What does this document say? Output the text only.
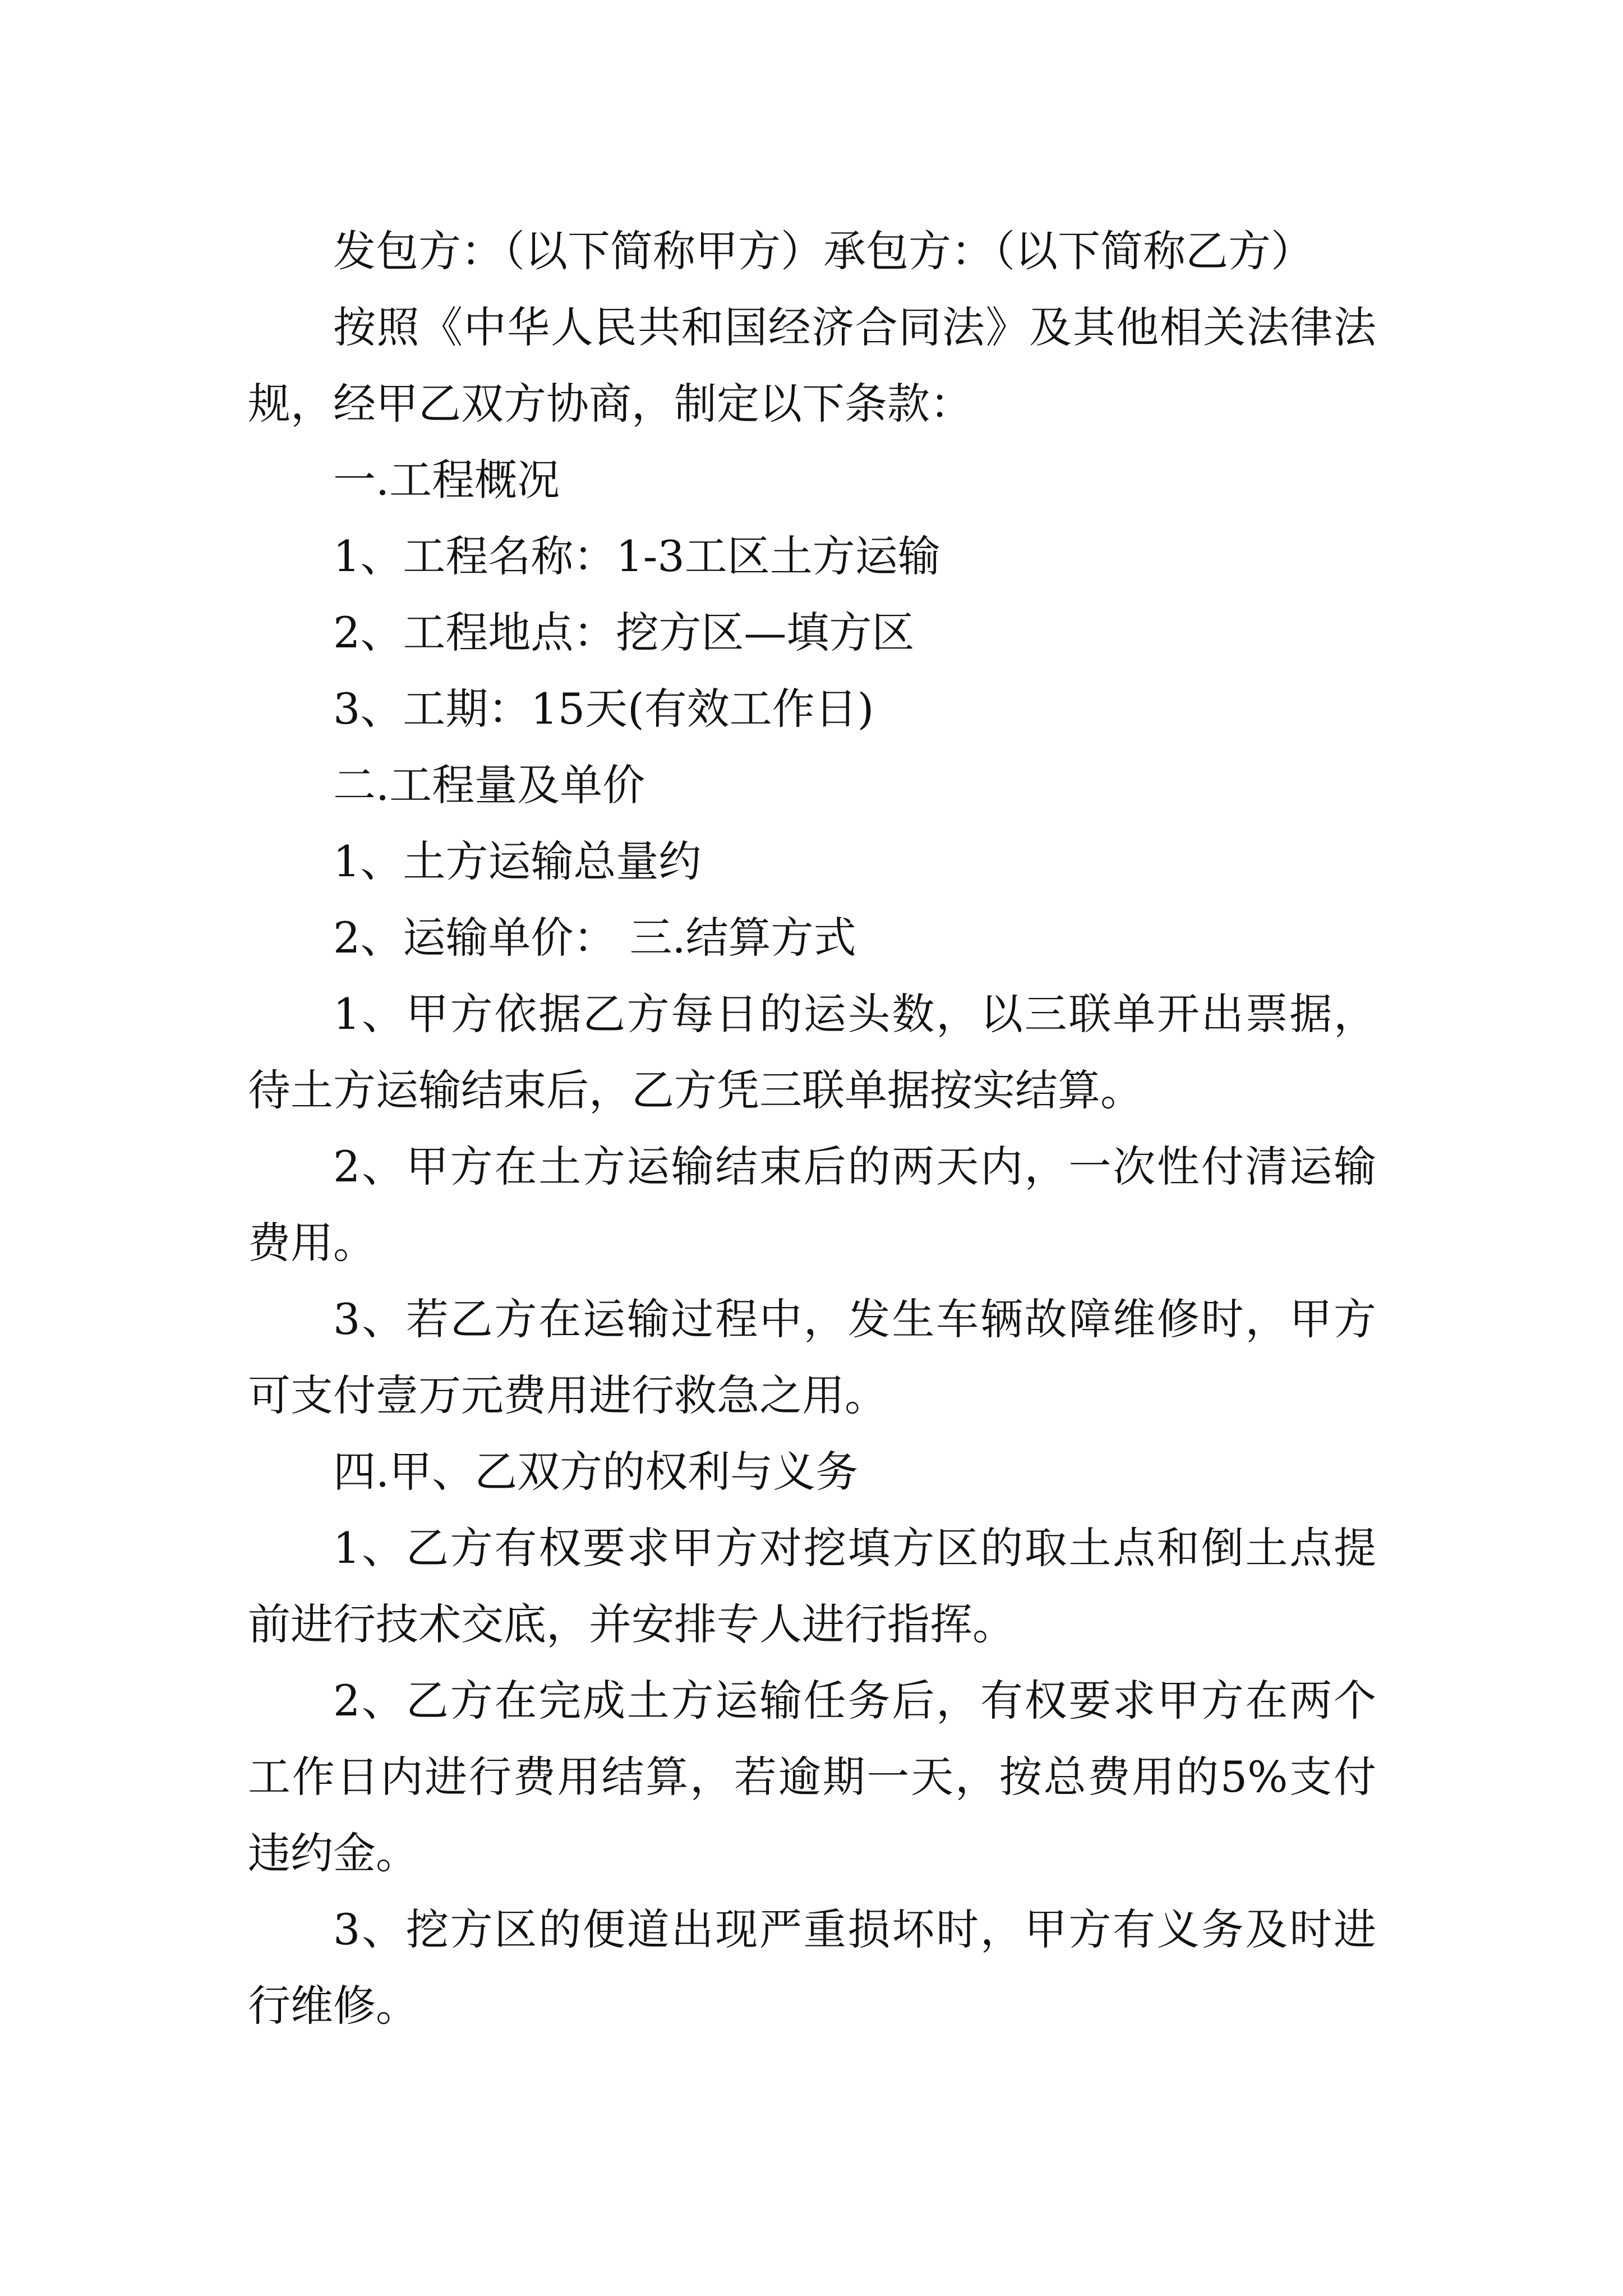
发包方：（以下简称甲方）承包方：（以下简称乙方）

按照《中华人民共和国经济合同法》及其他相关法律法规，经甲乙双方协商，制定以下条款：

一.工程概况

1、工程名称：1-3工区土方运输

2、工程地点：挖方区—填方区

3、工期：15天(有效工作日)

二.工程量及单价

1、土方运输总量约

2、运输单价： 三.结算方式

1、甲方依据乙方每日的运头数，以三联单开出票据，待土方运输结束后，乙方凭三联单据按实结算。

2、甲方在土方运输结束后的两天内，一次性付清运输费用。

3、若乙方在运输过程中，发生车辆故障维修时，甲方可支付壹万元费用进行救急之用。

四.甲、乙双方的权利与义务

1、乙方有权要求甲方对挖填方区的取土点和倒土点提前进行技术交底，并安排专人进行指挥。

2、乙方在完成土方运输任务后，有权要求甲方在两个工作日内进行费用结算，若逾期一天，按总费用的5%支付违约金。

3、挖方区的便道出现严重损坏时，甲方有义务及时进行维修。
